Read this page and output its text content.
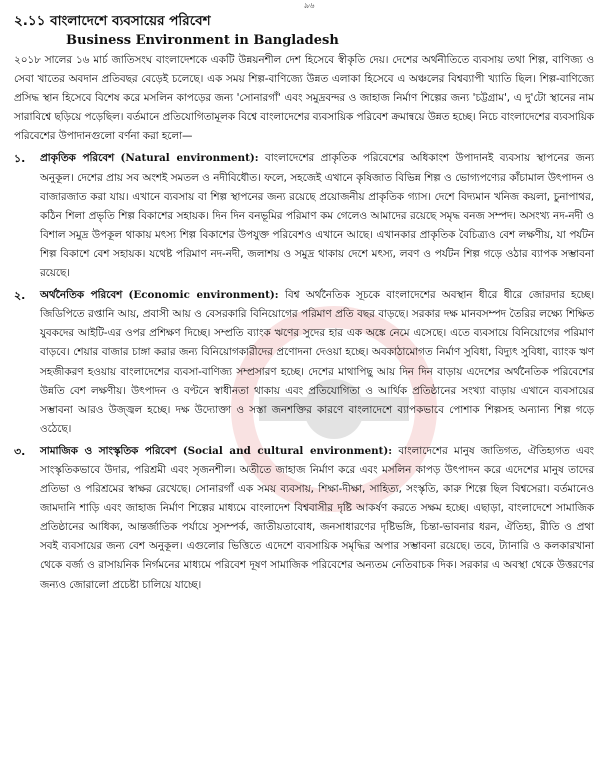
৯৬
২.১১ বাংলাদেশে ব্যবসায়ের পরিবেশ
Business Environment in Bangladesh

২০১৮ সালের ১৬ মার্চ জাতিসংঘ বাংলাদেশকে একটি উন্নয়নশীল দেশ হিসেবে স্বীকৃতি দেয়। দেশের অর্থনীতিতে ব্যবসায় তথা শিল্প, বাণিজ্য ও সেবা খাতের অবদান প্রতিবছর বেড়েই চলেছে। এক সময় শিল্প-বাণিজ্যে উন্নত এলাকা হিসেবে এ অঞ্চলের বিশ্বব্যাপী খ্যাতি ছিল। শিল্প-বাণিজ্যে প্রসিদ্ধ স্থান হিসেবে বিশেষ করে মসলিন কাপড়ের জন্য 'সোনারগাঁ' এবং সমুদ্রবন্দর ও জাহাজ নির্মাণ শিল্পের জন্য 'চট্টগ্রাম', এ দু'টো স্থানের নাম সারাবিশ্বে ছড়িয়ে পড়েছিল। বর্তমানে প্রতিযোগিতামূলক বিশ্বে বাংলাদেশের ব্যবসায়িক পরিবেশ ক্রমান্বয়ে উন্নত হচ্ছে। নিচে বাংলাদেশের ব্যবসায়িক পরিবেশের উপাদানগুলো বর্ণনা করা হলো—

১. প্রাকৃতিক পরিবেশ (Natural environment): বাংলাদেশের প্রাকৃতিক পরিবেশের অধিকাংশ উপাদানই ব্যবসায় স্থাপনের জন্য অনুকূল। দেশের প্রায় সব অংশই সমতল ও নদীবিধৌত। ফলে, সহজেই এখানে কৃষিজাত বিভিন্ন শিল্প ও ভোগ্যপণ্যের কাঁচামাল উৎপাদন ও বাজারজাত করা যায়। এখানে ব্যবসায় বা শিল্প স্থাপনের জন্য রয়েছে প্রয়োজনীয় প্রাকৃতিক গ্যাস। দেশে বিদ্যমান খনিজ কয়লা, চুনাপাথর, কঠিন শিলা প্রভৃতি শিল্প বিকাশের সহায়ক। দিন দিন বনভূমির পরিমাণ কম গেলেও আমাদের রয়েছে সমৃদ্ধ বনজ সম্পদ। অসংখ্য নদ-নদী ও বিশাল সমুদ্র উপকূল থাকায় মৎস্য শিল্প বিকাশের উপযুক্ত পরিবেশও এখানে আছে। এখানকার প্রাকৃতিক বৈচিত্র্যও বেশ লক্ষণীয়, যা পর্যটন শিল্প বিকাশে বেশ সহায়ক। যথেষ্ট পরিমাণ নদ-নদী, জলাশয় ও সমুদ্র থাকায় দেশে মৎস্য, লবণ ও পর্যটন শিল্প গড়ে ওঠার ব্যাপক সম্ভাবনা রয়েছে।

২. অর্থনৈতিক পরিবেশ (Economic environment): বিশ্ব অর্থনৈতিক সূচকে বাংলাদেশের অবস্থান ধীরে ধীরে জোরদার হচ্ছে। জিডিপিতে রপ্তানি আয়, প্রবাসী আয় ও বেসরকারি বিনিয়োগের পরিমাণ প্রতি বছর বাড়ছে। সরকার দক্ষ মানবসম্পদ তৈরির লক্ষ্যে শিক্ষিত যুবকদের আইটি-এর ওপর প্রশিক্ষণ দিচ্ছে। সম্প্রতি ব্যাংক ঋণের সুদের হার এক অঙ্কে নেমে এসেছে। এতে ব্যবসায়ে বিনিয়োগের পরিমাণ বাড়বে। শেয়ার বাজার চাঙ্গা করার জন্য বিনিয়োগকারীদের প্রণোদনা দেওয়া হচ্ছে। অবকাঠামোগত নির্মাণ সুবিধা, বিদ্যুৎ সুবিধা, ব্যাংক ঋণ সহজীকরণ হওয়ায় বাংলাদেশের ব্যবসা-বাণিজ্য সম্প্রসারণ হচ্ছে। দেশের মাথাপিছু আয় দিন দিন বাড়ায় এদেশের অর্থনৈতিক পরিবেশের উন্নতি বেশ লক্ষণীয়। উৎপাদন ও বণ্টনে স্বাধীনতা থাকায় এবং প্রতিযোগিতা ও আর্থিক প্রতিষ্ঠানের সংখ্যা বাড়ায় এখানে ব্যবসায়ের সম্ভাবনা আরও উজ্জ্বল হচ্ছে। দক্ষ উদ্যোক্তা ও সস্তা জনশক্তির কারণে বাংলাদেশে ব্যাপকভাবে পোশাক শিল্পসহ অন্যান্য শিল্প গড়ে ওঠেছে।

৩. সামাজিক ও সাংস্কৃতিক পরিবেশ (Social and cultural environment): বাংলাদেশের মানুষ জাতিগত, ঐতিহ্যগত এবং সাংস্কৃতিকভাবে উদার, পরিশ্রমী এবং সৃজনশীল। অতীতে জাহাজ নির্মাণ করে এবং মসলিন কাপড় উৎপাদন করে এদেশের মানুষ তাদের প্রতিভা ও পরিশ্রমের স্বাক্ষর রেখেছে। সোনারগাঁ এক সময় ব্যবসায়, শিক্ষা-দীক্ষা, সাহিত্য, সংস্কৃতি, কারু শিল্পে ছিল বিশ্বসেরা। বর্তমানেও জামদানি শাড়ি এবং জাহাজ নির্মাণ শিল্পের মাধ্যমে বাংলাদেশ বিশ্ববাসীর দৃষ্টি আকর্ষণ করতে সক্ষম হচ্ছে। এছাড়া, বাংলাদেশে সামাজিক প্রতিষ্ঠানের আধিক্য, আন্তর্জাতিক পর্যায়ে সুসম্পর্ক, জাতীয়তাবোধ, জনসাধারণের দৃষ্টিভঙ্গি, চিন্তা-ভাবনার ধরন, ঐতিহ্য, রীতি ও প্রথা সবই ব্যবসায়ের জন্য বেশ অনুকূল। এগুলোর ভিত্তিতে এদেশে ব্যবসায়িক সমৃদ্ধির অপার সম্ভাবনা রয়েছে। তবে, ট্যানারি ও কলকারখানা থেকে বর্জ্য ও রাসায়নিক নির্গমনের মাধ্যমে পরিবেশ দূষণ সামাজিক পরিবেশের অন্যতম নেতিবাচক দিক। সরকার এ অবস্থা থেকে উত্তরণের জন্যও জোরালো প্রচেষ্টা চালিয়ে যাচ্ছে।
